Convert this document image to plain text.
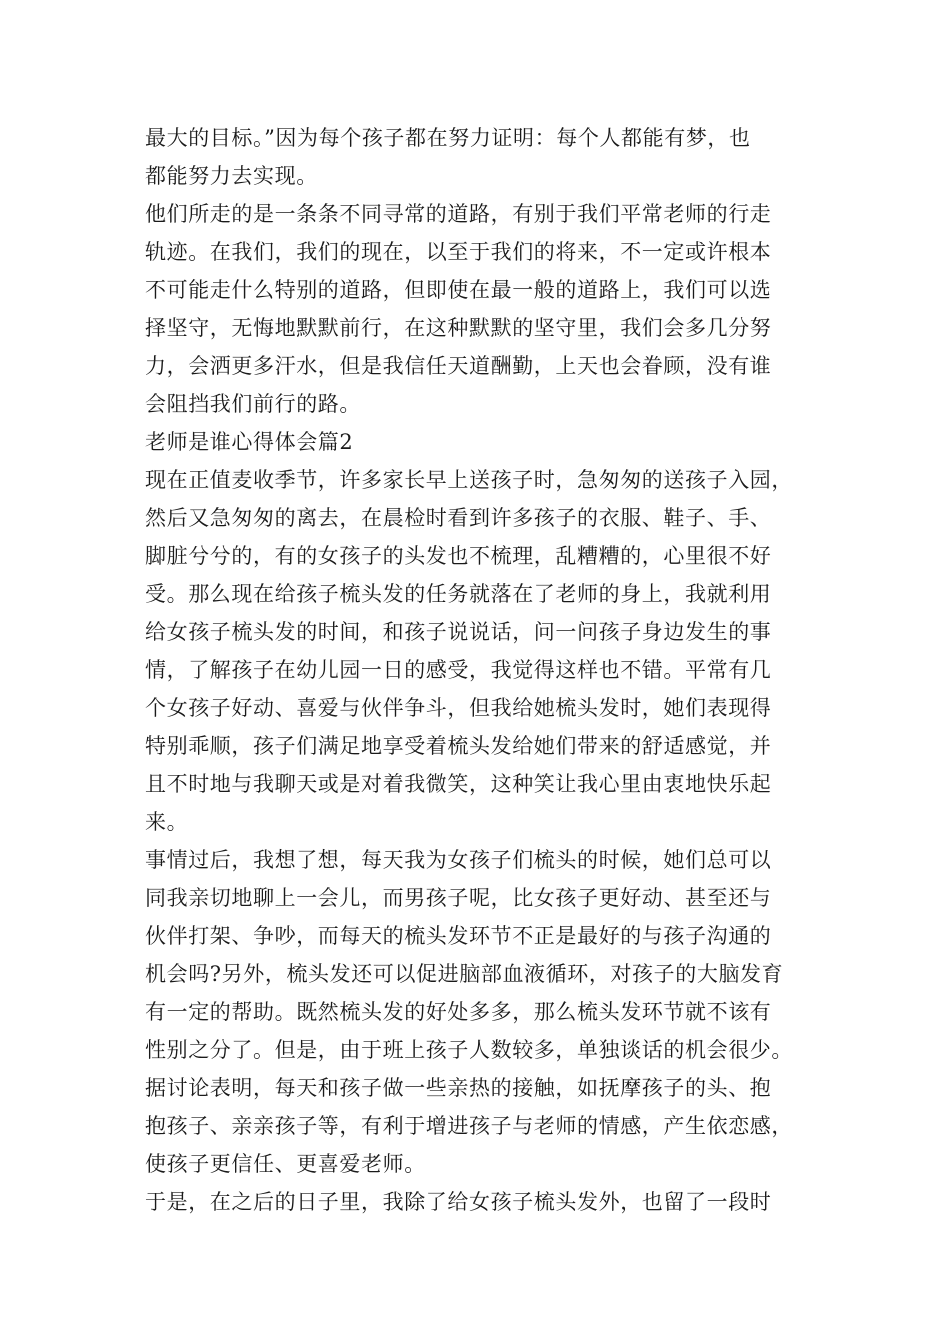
最大的目标。”因为每个孩子都在努力证明：每个人都能有梦，也
都能努力去实现。
他们所走的是一条条不同寻常的道路，有别于我们平常老师的行走
轨迹。在我们，我们的现在，以至于我们的将来，不一定或许根本
不可能走什么特别的道路，但即使在最一般的道路上，我们可以选
择坚守，无悔地默默前行，在这种默默的坚守里，我们会多几分努
力，会洒更多汗水，但是我信任天道酬勤，上天也会眷顾，没有谁
会阻挡我们前行的路。
老师是谁心得体会篇2
现在正值麦收季节，许多家长早上送孩子时，急匆匆的送孩子入园，
然后又急匆匆的离去，在晨检时看到许多孩子的衣服、鞋子、手、
脚脏兮兮的，有的女孩子的头发也不梳理，乱糟糟的，心里很不好
受。那么现在给孩子梳头发的任务就落在了老师的身上，我就利用
给女孩子梳头发的时间，和孩子说说话，问一问孩子身边发生的事
情，了解孩子在幼儿园一日的感受，我觉得这样也不错。平常有几
个女孩子好动、喜爱与伙伴争斗，但我给她梳头发时，她们表现得
特别乖顺，孩子们满足地享受着梳头发给她们带来的舒适感觉，并
且不时地与我聊天或是对着我微笑，这种笑让我心里由衷地快乐起
来。
事情过后，我想了想，每天我为女孩子们梳头的时候，她们总可以
同我亲切地聊上一会儿，而男孩子呢，比女孩子更好动、甚至还与
伙伴打架、争吵，而每天的梳头发环节不正是最好的与孩子沟通的
机会吗?另外，梳头发还可以促进脑部血液循环，对孩子的大脑发育
有一定的帮助。既然梳头发的好处多多，那么梳头发环节就不该有
性别之分了。但是，由于班上孩子人数较多，单独谈话的机会很少。
据讨论表明，每天和孩子做一些亲热的接触，如抚摩孩子的头、抱
抱孩子、亲亲孩子等，有利于增进孩子与老师的情感，产生依恋感，
使孩子更信任、更喜爱老师。
于是，在之后的日子里，我除了给女孩子梳头发外，也留了一段时
